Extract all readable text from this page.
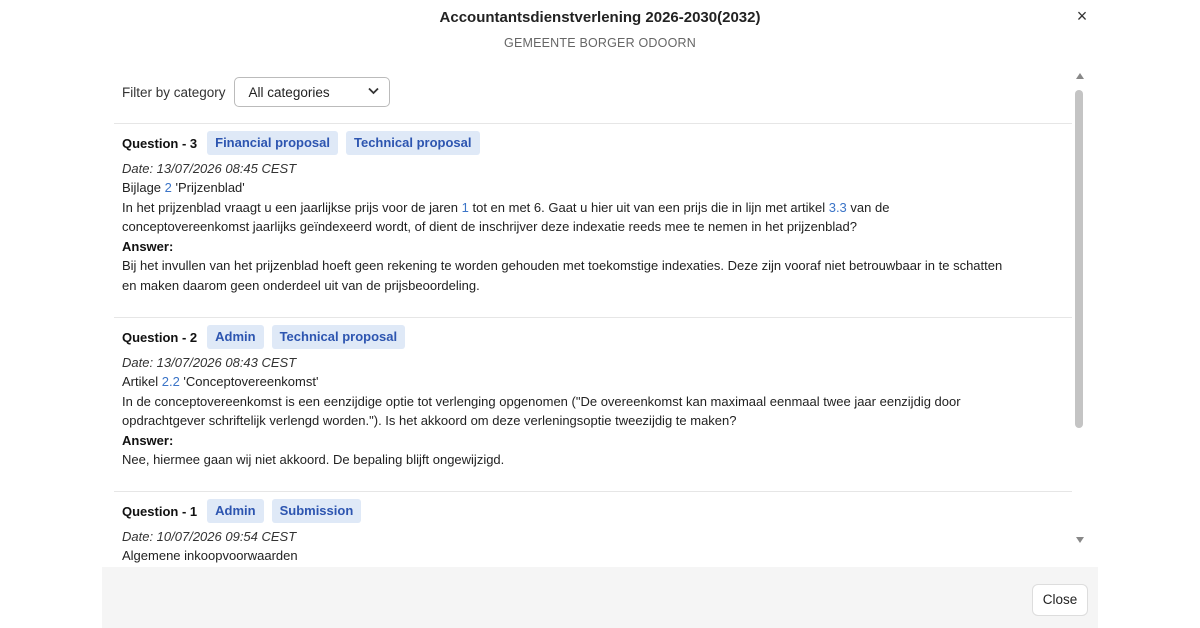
Accountantsdienstverlening 2026-2030(2032)
GEMEENTE BORGER ODOORN
×
Filter by category All categories
Question - 3	Financial proposal	Technical proposal
Date: 13/07/2026 08:45 CEST
Bijlage 2 'Prijzenblad'
In het prijzenblad vraagt u een jaarlijkse prijs voor de jaren 1 tot en met 6. Gaat u hier uit van een prijs die in lijn met artikel 3.3 van de
conceptovereenkomst jaarlijks geïndexeerd wordt, of dient de inschrijver deze indexatie reeds mee te nemen in het prijzenblad?
Answer:
Bij het invullen van het prijzenblad hoeft geen rekening te worden gehouden met toekomstige indexaties. Deze zijn vooraf niet betrouwbaar in te schatten
en maken daarom geen onderdeel uit van de prijsbeoordeling.
Question - 2	Admin	Technical proposal
Date: 13/07/2026 08:43 CEST
Artikel 2.2 'Conceptovereenkomst'
In de conceptovereenkomst is een eenzijdige optie tot verlenging opgenomen ("De overeenkomst kan maximaal eenmaal twee jaar eenzijdig door
opdrachtgever schriftelijk verlengd worden."). Is het akkoord om deze verleningsoptie tweezijdig te maken?
Answer:
Nee, hiermee gaan wij niet akkoord. De bepaling blijft ongewijzigd.
Question - 1	Admin	Submission
Date: 10/07/2026 09:54 CEST
Algemene inkoopvoorwaarden
Close
